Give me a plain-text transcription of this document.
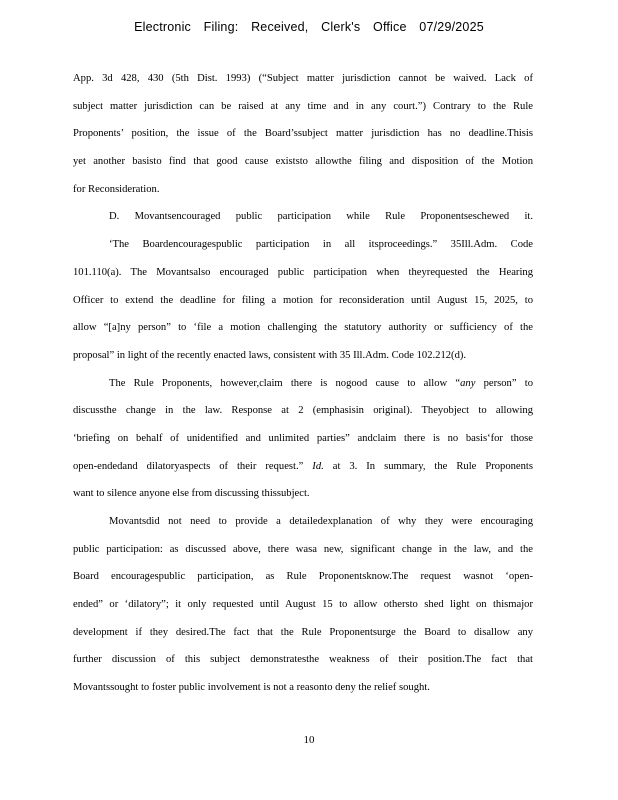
Electronic Filing: Received, Clerk's Office 07/29/2025
App. 3d 428, 430 (5th Dist. 1993) (“Subject matter jurisdiction cannot be waived. Lack of
subject matter jurisdiction can be raised at any time and in any court.”) Contrary to the Rule
Proponents’ position, the issue of the Board’ssubject matter jurisdiction has no deadline.Thisis
yet another basisto find that good cause existsto allowthe filing and disposition of the Motion
for Reconsideration.
D. Movantsencouraged public participation while Rule Proponentseschewed it.
‘The Boardencouragespublic participation in all itsproceedings.” 35Ill.Adm. Code
101.110(a). The Movantsalso encouraged public participation when theyrequested the Hearing
Officer to extend the deadline for filing a motion for reconsideration until August 15, 2025, to
allow “[a]ny person” to ‘file a motion challenging the statutory authority or sufficiency of the
proposal” in light of the recently enacted laws, consistent with 35 Ill.Adm. Code 102.212(d).
The Rule Proponents, however,claim there is nogood cause to allow “any person” to
discussthe change in the law. Response at 2 (emphasisin original). Theyobject to allowing
‘briefing on behalf of unidentified and unlimited parties” andclaim there is no basis‘for those
open-endedand dilatoryaspects of their request.” Id. at 3. In summary, the Rule Proponents
want to silence anyone else from discussing thissubject.
Movantsdid not need to provide a detailedexplanation of why they were encouraging
public participation: as discussed above, there wasa new, significant change in the law, and the
Board encouragespublic participation, as Rule Proponentsknow.The request wasnot ‘open-
ended” or ‘dilatory”; it only requested until August 15 to allow othersto shed light on thismajor
development if they desired.The fact that the Rule Proponentsurge the Board to disallow any
further discussion of this subject demonstratesthe weakness of their position.The fact that
Movantssought to foster public involvement is not a reasonto deny the relief sought.
10
